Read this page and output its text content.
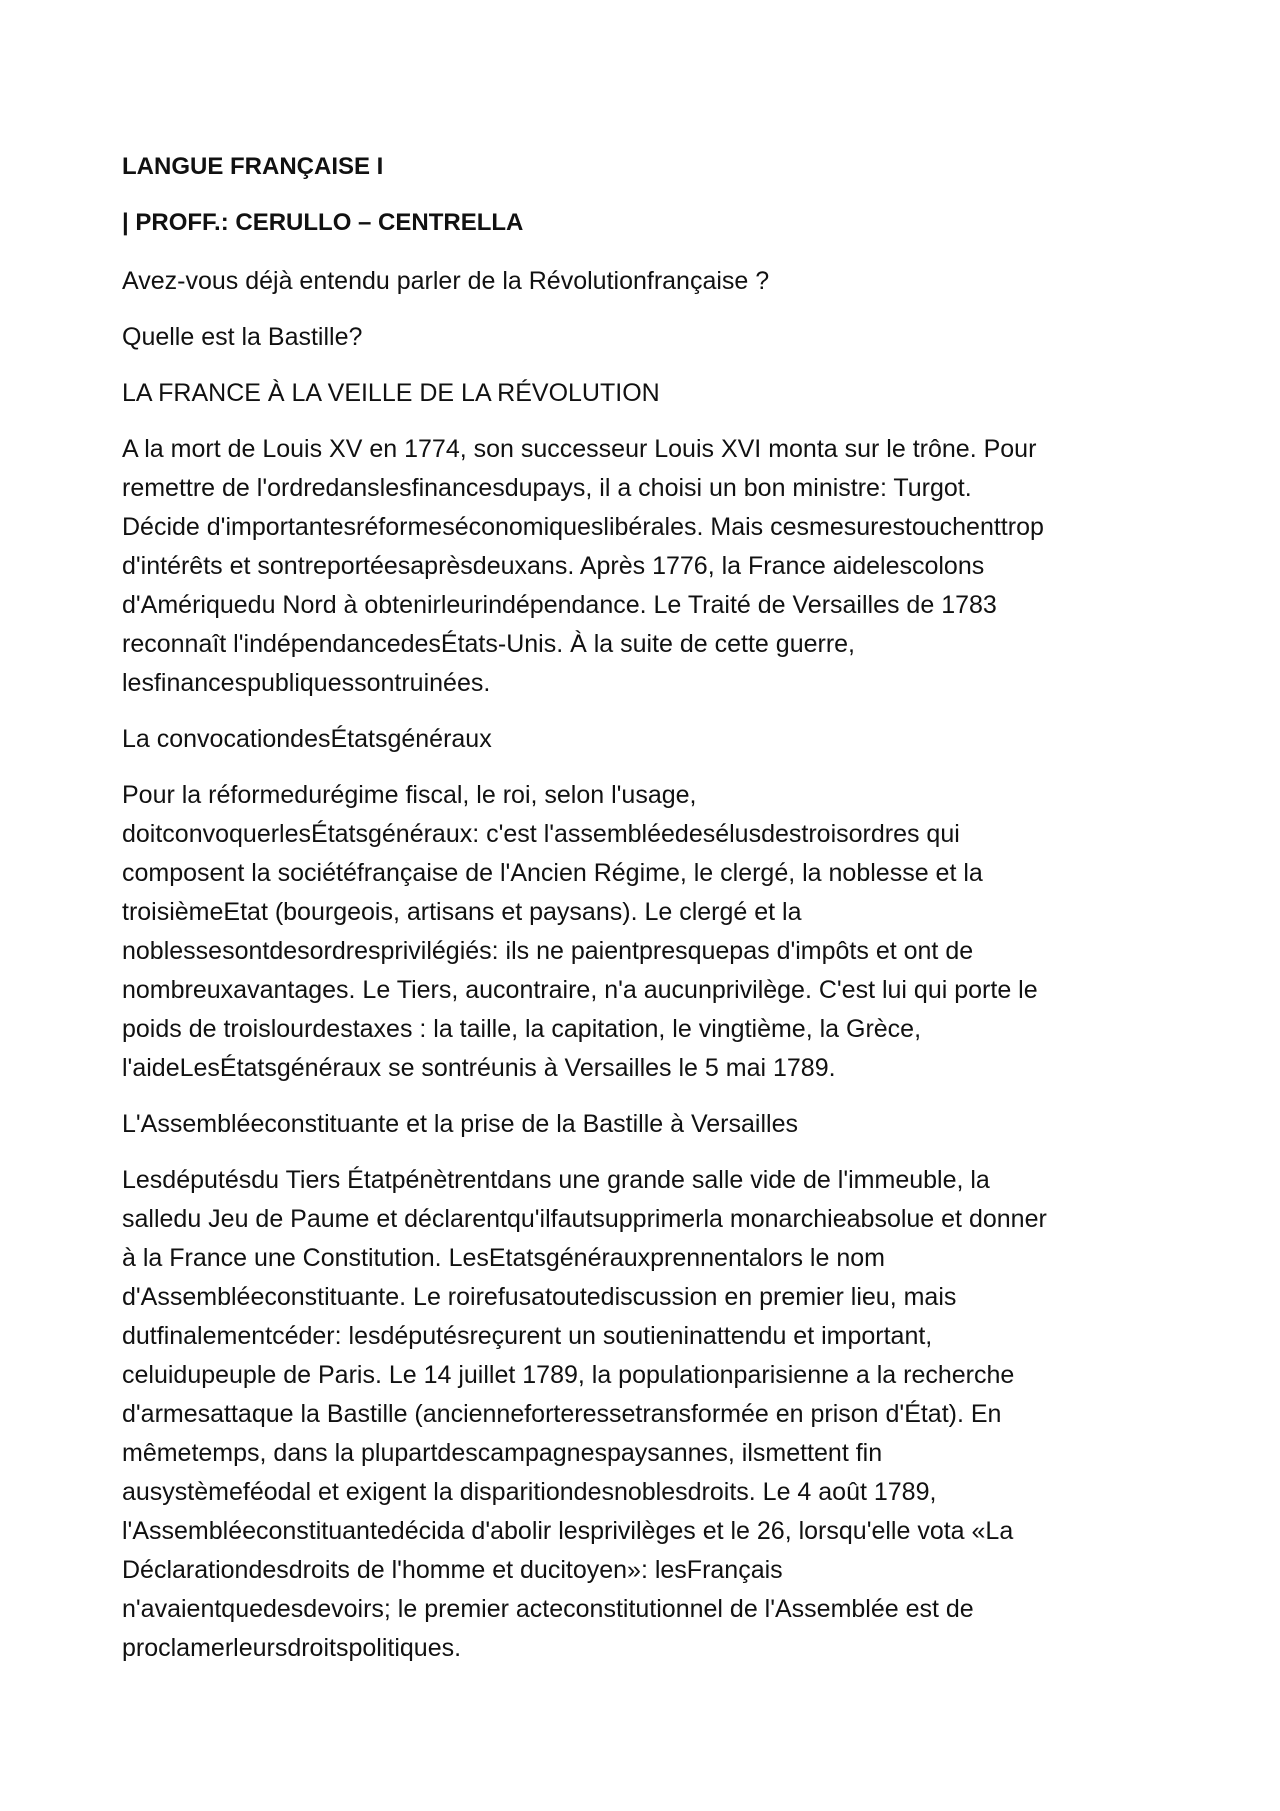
LANGUE FRANÇAISE I
| PROFF.: CERULLO – CENTRELLA
Avez-vous déjà entendu parler de la Révolutionfrançaise ?
Quelle est la Bastille?
LA FRANCE À LA VEILLE DE LA RÉVOLUTION
A la mort de Louis XV en 1774, son successeur Louis XVI monta sur le trône. Pour
remettre de l'ordredanslesfinancesdupays, il a choisi un bon ministre: Turgot.
Décide d'importantesréformeséconomiqueslibérales. Mais cesmesurestouchenttrop
d'intérêts et sontreportéesaprèsdeuxans. Après 1776, la France aidelescolons
d'Amériquedu Nord à obtenirleurindépendance. Le Traité de Versailles de 1783
reconnaît l'indépendancedesÉtats-Unis. À la suite de cette guerre,
lesfinancespubliquessontruinées.
La convocationdesÉtatsgénéraux
Pour la réformedurégime fiscal, le roi, selon l'usage,
doitconvoquerlesÉtatsgénéraux: c'est l'assembléedesélusdestroisordres qui
composent la sociétéfrançaise de l'Ancien Régime, le clergé, la noblesse et la
troisièmeEtat (bourgeois, artisans et paysans). Le clergé et la
noblessesontdesordresprivilégiés: ils ne paientpresquepas d'impôts et ont de
nombreuxavantages. Le Tiers, aucontraire, n'a aucunprivilège. C'est lui qui porte le
poids de troislourdestaxes : la taille, la capitation, le vingtième, la Grèce,
l'aideLesÉtatsgénéraux se sontréunis à Versailles le 5 mai 1789.
L'Assembléeconstituante et la prise de la Bastille à Versailles
Lesdéputésdu Tiers Étatpénètrentdans une grande salle vide de l'immeuble, la
salledu Jeu de Paume et déclarentqu'ilfautsupprimerla monarchieabsolue et donner
à la France une Constitution. LesEtatsgénérauxprennentalors le nom
d'Assembléeconstituante. Le roirefusatoutediscussion en premier lieu, mais
dutfinalementcéder: lesdéputésreçurent un soutieninattendu et important,
celuidupeuple de Paris. Le 14 juillet 1789, la populationparisienne a la recherche
d'armesattaque la Bastille (ancienneforteressetransformée en prison d'État). En
mêmetemps, dans la plupartdescampagnespaysannes, ilsmettent fin
ausystèmeféodal et exigent la disparitiondesnoblesdroits. Le 4 août 1789,
l'Assembléeconstituantedécida d'abolir lesprivilèges et le 26, lorsqu'elle vota «La
Déclarationdesdroits de l'homme et ducitoyen»: lesFrançais
n'avaientquedesdevoirs; le premier acteconstitutionnel de l'Assemblée est de
proclamerleursdroitspolitiques.
